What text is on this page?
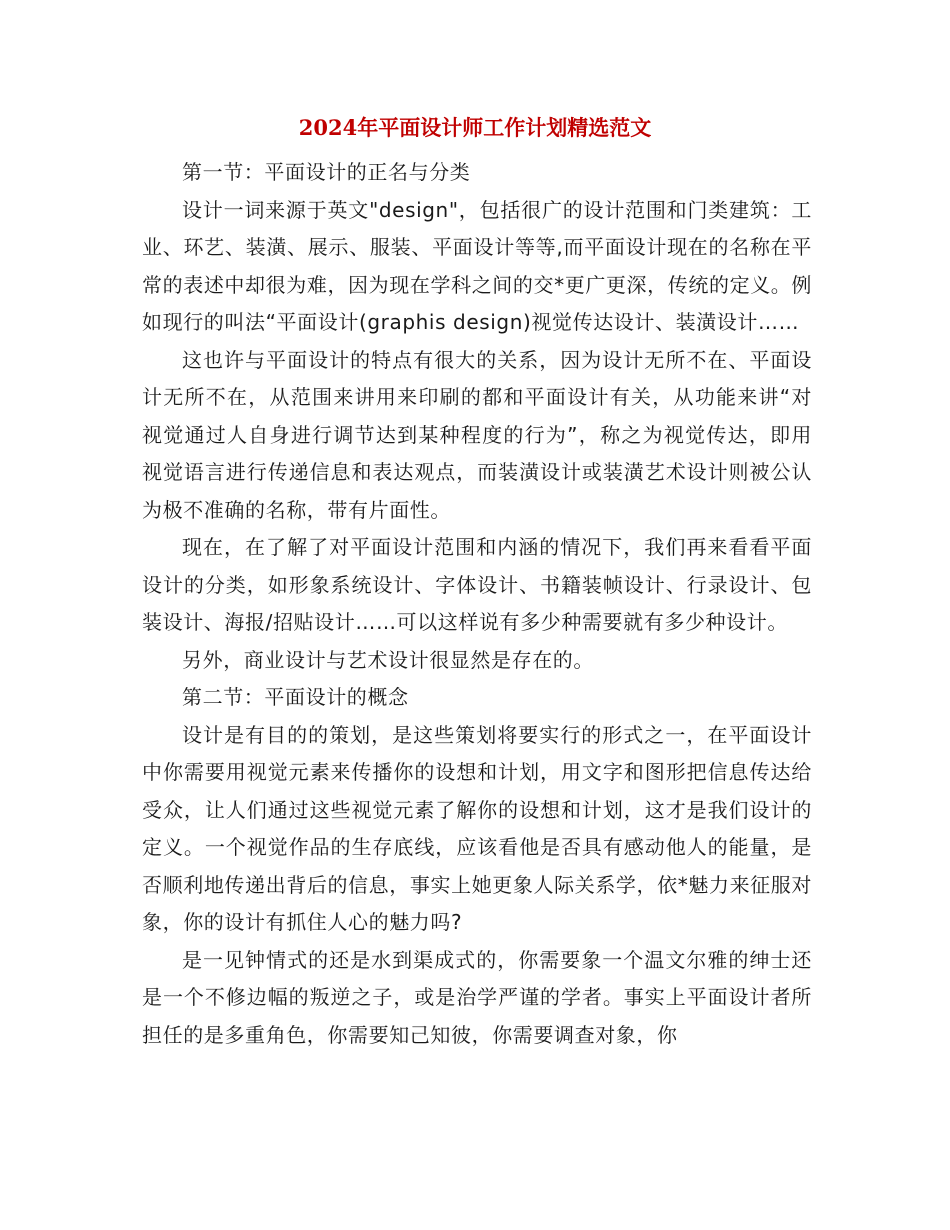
2024年平面设计师工作计划精选范文

第一节：平面设计的正名与分类

设计一词来源于英文"design"，包括很广的设计范围和门类建筑：工业、环艺、装潢、展示、服装、平面设计等等,而平面设计现在的名称在平常的表述中却很为难，因为现在学科之间的交*更广更深，传统的定义。例如现行的叫法“平面设计(graphis design)视觉传达设计、装潢设计……

这也许与平面设计的特点有很大的关系，因为设计无所不在、平面设计无所不在，从范围来讲用来印刷的都和平面设计有关，从功能来讲“对视觉通过人自身进行调节达到某种程度的行为”，称之为视觉传达，即用视觉语言进行传递信息和表达观点，而装潢设计或装潢艺术设计则被公认为极不准确的名称，带有片面性。

现在，在了解了对平面设计范围和内涵的情况下，我们再来看看平面设计的分类，如形象系统设计、字体设计、书籍装帧设计、行录设计、包装设计、海报/招贴设计……可以这样说有多少种需要就有多少种设计。

另外，商业设计与艺术设计很显然是存在的。

第二节：平面设计的概念

设计是有目的的策划，是这些策划将要实行的形式之一，在平面设计中你需要用视觉元素来传播你的设想和计划，用文字和图形把信息传达给受众，让人们通过这些视觉元素了解你的设想和计划，这才是我们设计的定义。一个视觉作品的生存底线，应该看他是否具有感动他人的能量，是否顺利地传递出背后的信息，事实上她更象人际关系学，依*魅力来征服对象，你的设计有抓住人心的魅力吗?

是一见钟情式的还是水到渠成式的，你需要象一个温文尔雅的绅士还是一个不修边幅的叛逆之子，或是治学严谨的学者。事实上平面设计者所担任的是多重角色，你需要知己知彼，你需要调查对象，你
